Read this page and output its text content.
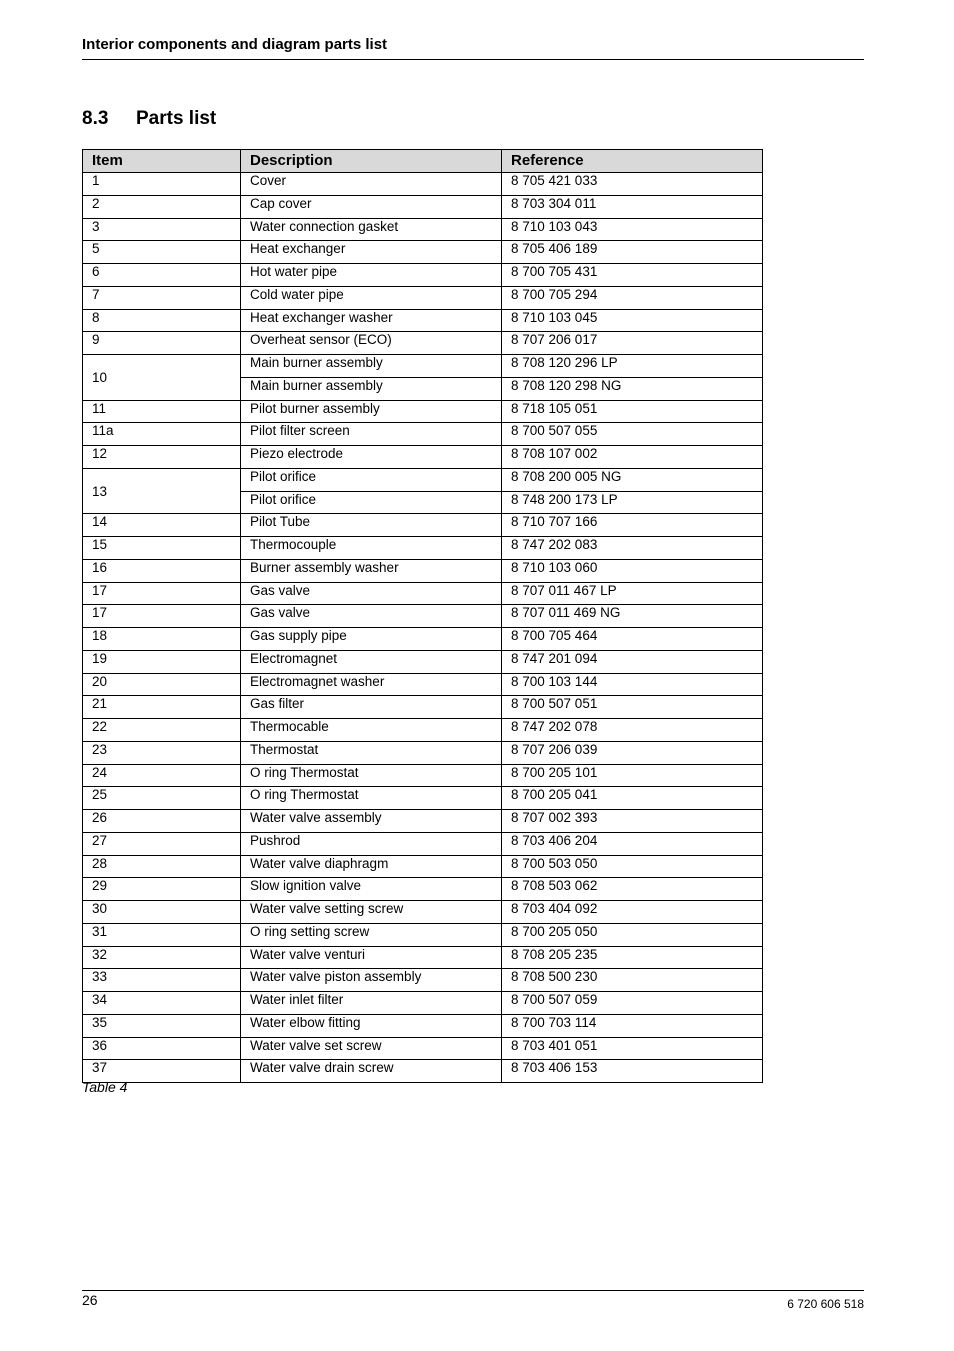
Interior components and diagram parts list
8.3 Parts list
Item	Description	Reference
1	Cover	8 705 421 033
2	Cap cover	8 703 304 011
3	Water connection gasket	8 710 103 043
5	Heat exchanger	8 705 406 189
6	Hot water pipe	8 700 705 431
7	Cold water pipe	8 700 705 294
8	Heat exchanger washer	8 710 103 045
9	Overheat sensor (ECO)	8 707 206 017
10	Main burner assembly	8 708 120 296 LP
	Main burner assembly	8 708 120 298 NG
11	Pilot burner assembly	8 718 105 051
11a	Pilot filter screen	8 700 507 055
12	Piezo electrode	8 708 107 002
13	Pilot orifice	8 708 200 005 NG
	Pilot orifice	8 748 200 173 LP
14	Pilot Tube	8 710 707 166
15	Thermocouple	8 747 202 083
16	Burner assembly washer	8 710 103 060
17	Gas valve	8 707 011 467 LP
17	Gas valve	8 707 011 469 NG
18	Gas supply pipe	8 700 705 464
19	Electromagnet	8 747 201 094
20	Electromagnet washer	8 700 103 144
21	Gas filter	8 700 507 051
22	Thermocable	8 747 202 078
23	Thermostat	8 707 206 039
24	O ring Thermostat	8 700 205 101
25	O ring Thermostat	8 700 205 041
26	Water valve assembly	8 707 002 393
27	Pushrod	8 703 406 204
28	Water valve diaphragm	8 700 503 050
29	Slow ignition valve	8 708 503 062
30	Water valve setting screw	8 703 404 092
31	O ring setting screw	8 700 205 050
32	Water valve venturi	8 708 205 235
33	Water valve piston assembly	8 708 500 230
34	Water inlet filter	8 700 507 059
35	Water elbow fitting	8 700 703 114
36	Water valve set screw	8 703 401 051
37	Water valve drain screw	8 703 406 153
Table 4
26	6 720 606 518
